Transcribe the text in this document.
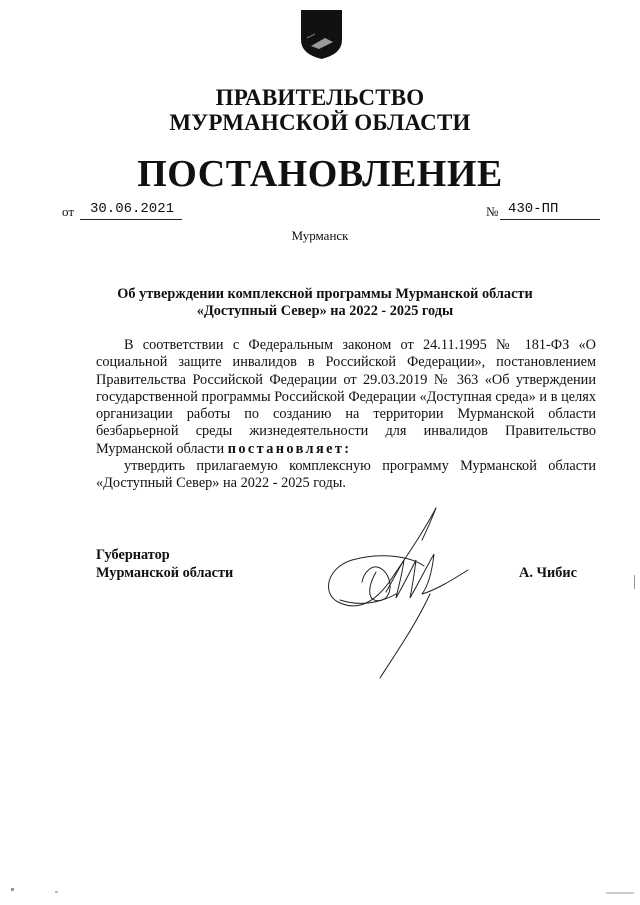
ПРАВИТЕЛЬСТВО
МУРМАНСКОЙ ОБЛАСТИ
ПОСТАНОВЛЕНИЕ
от	30.06.2021	№ 430-ПП
Мурманск
Об утверждении комплексной программы Мурманской области
«Доступный Север» на 2022 - 2025 годы

В соответствии с Федеральным законом от 24.11.1995 № 181-ФЗ «О социальной защите инвалидов в Российской Федерации», постановлением Правительства Российской Федерации от 29.03.2019 № 363 «Об утверждении государственной программы Российской Федерации «Доступная среда» и в целях организации работы по созданию на территории Мурманской области безбарьерной среды жизнедеятельности для инвалидов Правительство Мурманской области постановляет:

утвердить прилагаемую комплексную программу Мурманской области «Доступный Север» на 2022 - 2025 годы.

Губернатор
Мурманской области	А. Чибис
